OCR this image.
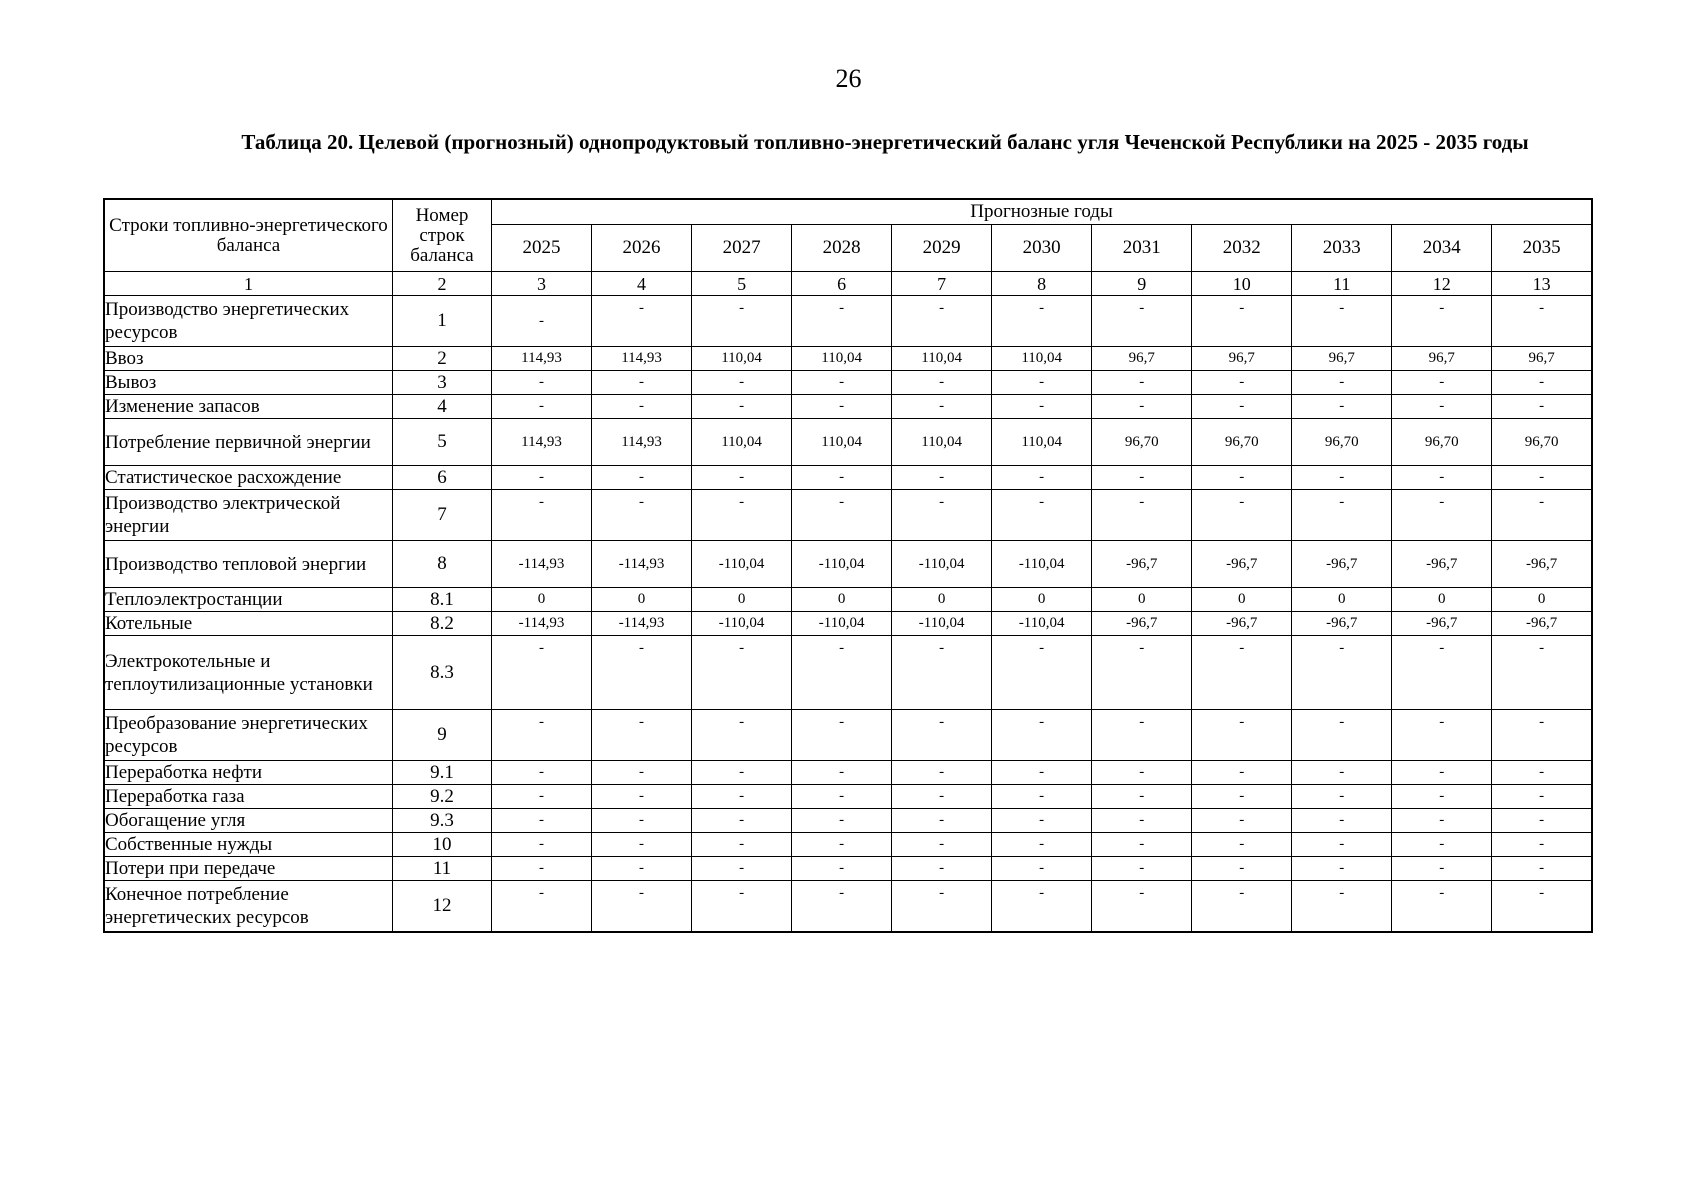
26
Таблица 20. Целевой (прогнозный) однопродуктовый топливно-энергетический баланс угля Чеченской Республики на 2025 - 2035 годы
Строки топливно-энергетического баланса	Номер строк баланса	Прогнозные годы										
		2025	2026	2027	2028	2029	2030	2031	2032	2033	2034	2035
1	2	3	4	5	6	7	8	9	10	11	12	13
Производство энергетических ресурсов	1	-	-	-	-	-	-	-	-	-	-	-
Ввоз	2	114,93	114,93	110,04	110,04	110,04	110,04	96,7	96,7	96,7	96,7	96,7
Вывоз	3	-	-	-	-	-	-	-	-	-	-	-
Изменение запасов	4	-	-	-	-	-	-	-	-	-	-	-
Потребление первичной энергии	5	114,93	114,93	110,04	110,04	110,04	110,04	96,70	96,70	96,70	96,70	96,70
Статистическое расхождение	6	-	-	-	-	-	-	-	-	-	-	-
Производство электрической энергии	7	-	-	-	-	-	-	-	-	-	-	-
Производство тепловой энергии	8	-114,93	-114,93	-110,04	-110,04	-110,04	-110,04	-96,7	-96,7	-96,7	-96,7	-96,7
Теплоэлектростанции	8.1	0	0	0	0	0	0	0	0	0	0	0
Котельные	8.2	-114,93	-114,93	-110,04	-110,04	-110,04	-110,04	-96,7	-96,7	-96,7	-96,7	-96,7
Электрокотельные и теплоутилизационные установки	8.3	-	-	-	-	-	-	-	-	-	-	-
Преобразование энергетических ресурсов	9	-	-	-	-	-	-	-	-	-	-	-
Переработка нефти	9.1	-	-	-	-	-	-	-	-	-	-	-
Переработка газа	9.2	-	-	-	-	-	-	-	-	-	-	-
Обогащение угля	9.3	-	-	-	-	-	-	-	-	-	-	-
Собственные нужды	10	-	-	-	-	-	-	-	-	-	-	-
Потери при передаче	11	-	-	-	-	-	-	-	-	-	-	-
Конечное потребление энергетических ресурсов	12	-	-	-	-	-	-	-	-	-	-	-
